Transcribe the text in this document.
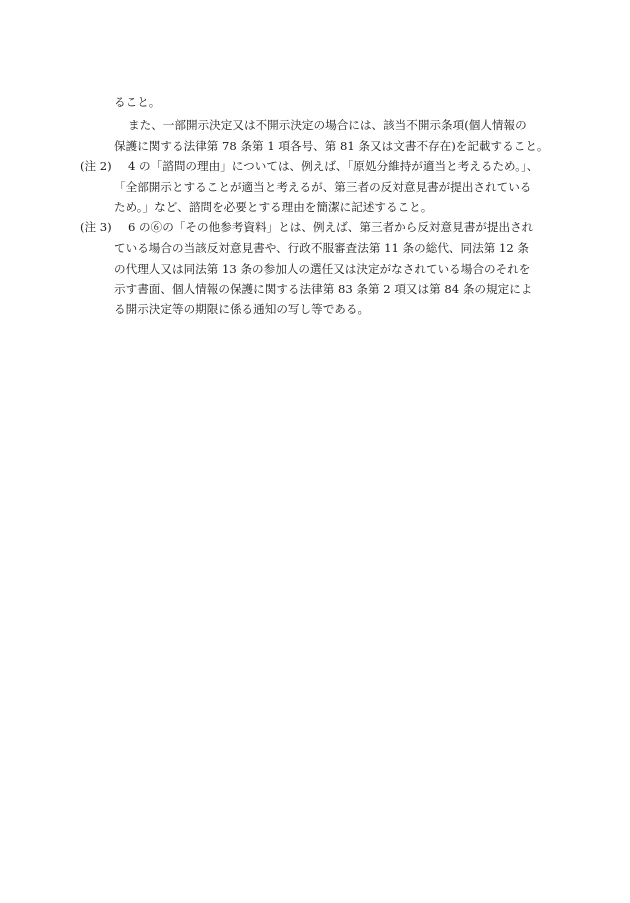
ること。
また、一部開示決定又は不開示決定の場合には、該当不開示条項(個人情報の
保護に関する法律第 78 条第 1 項各号、第 81 条又は文書不存在)を記載すること。
(注 2) 4 の「諮問の理由」については、例えば、「原処分維持が適当と考えるため。」、
「全部開示とすることが適当と考えるが、第三者の反対意見書が提出されている
ため。」など、諮問を必要とする理由を簡潔に記述すること。
(注 3) 6 の⑥の「その他参考資料」とは、例えば、第三者から反対意見書が提出され
ている場合の当該反対意見書や、行政不服審査法第 11 条の総代、同法第 12 条
の代理人又は同法第 13 条の参加人の選任又は決定がなされている場合のそれを
示す書面、個人情報の保護に関する法律第 83 条第 2 項又は第 84 条の規定によ
る開示決定等の期限に係る通知の写し等である。
